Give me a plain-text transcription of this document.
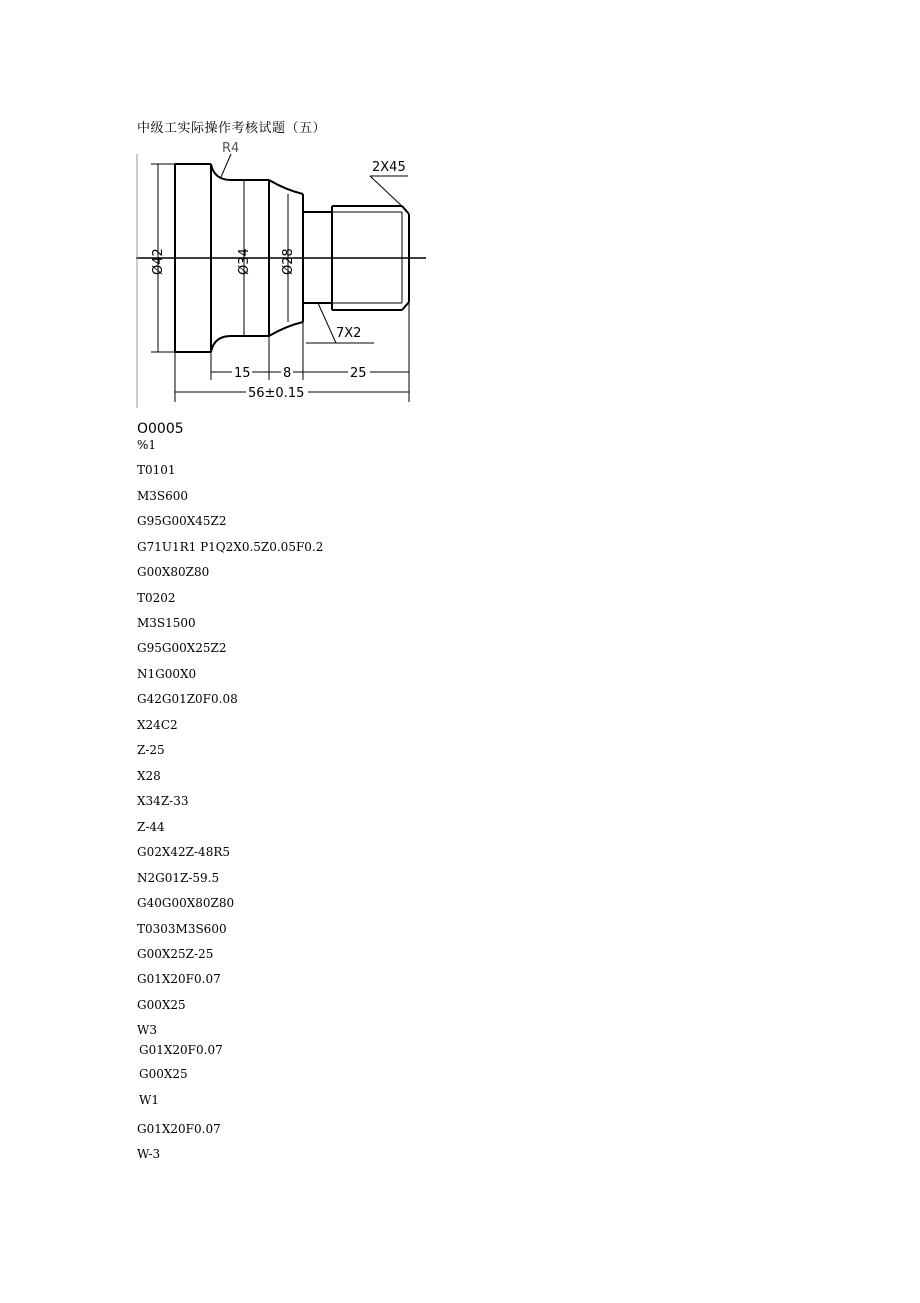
中级工实际操作考核试题（五）
R4
2X45
7X2
Ø42	Ø34 Ø28
15 8	25
56±0.15
O0005
%1
T0101
M3S600
G95G00X45Z2
G71U1R1 P1Q2X0.5Z0.05F0.2
G00X80Z80
T0202
M3S1500
G95G00X25Z2
N1G00X0
G42G01Z0F0.08
X24C2
Z-25
X28
X34Z-33
Z-44
G02X42Z-48R5
N2G01Z-59.5
G40G00X80Z80
T0303M3S600
G00X25Z-25
G01X20F0.07
G00X25
W3
G01X20F0.07
G00X25
W1
G01X20F0.07
W-3
